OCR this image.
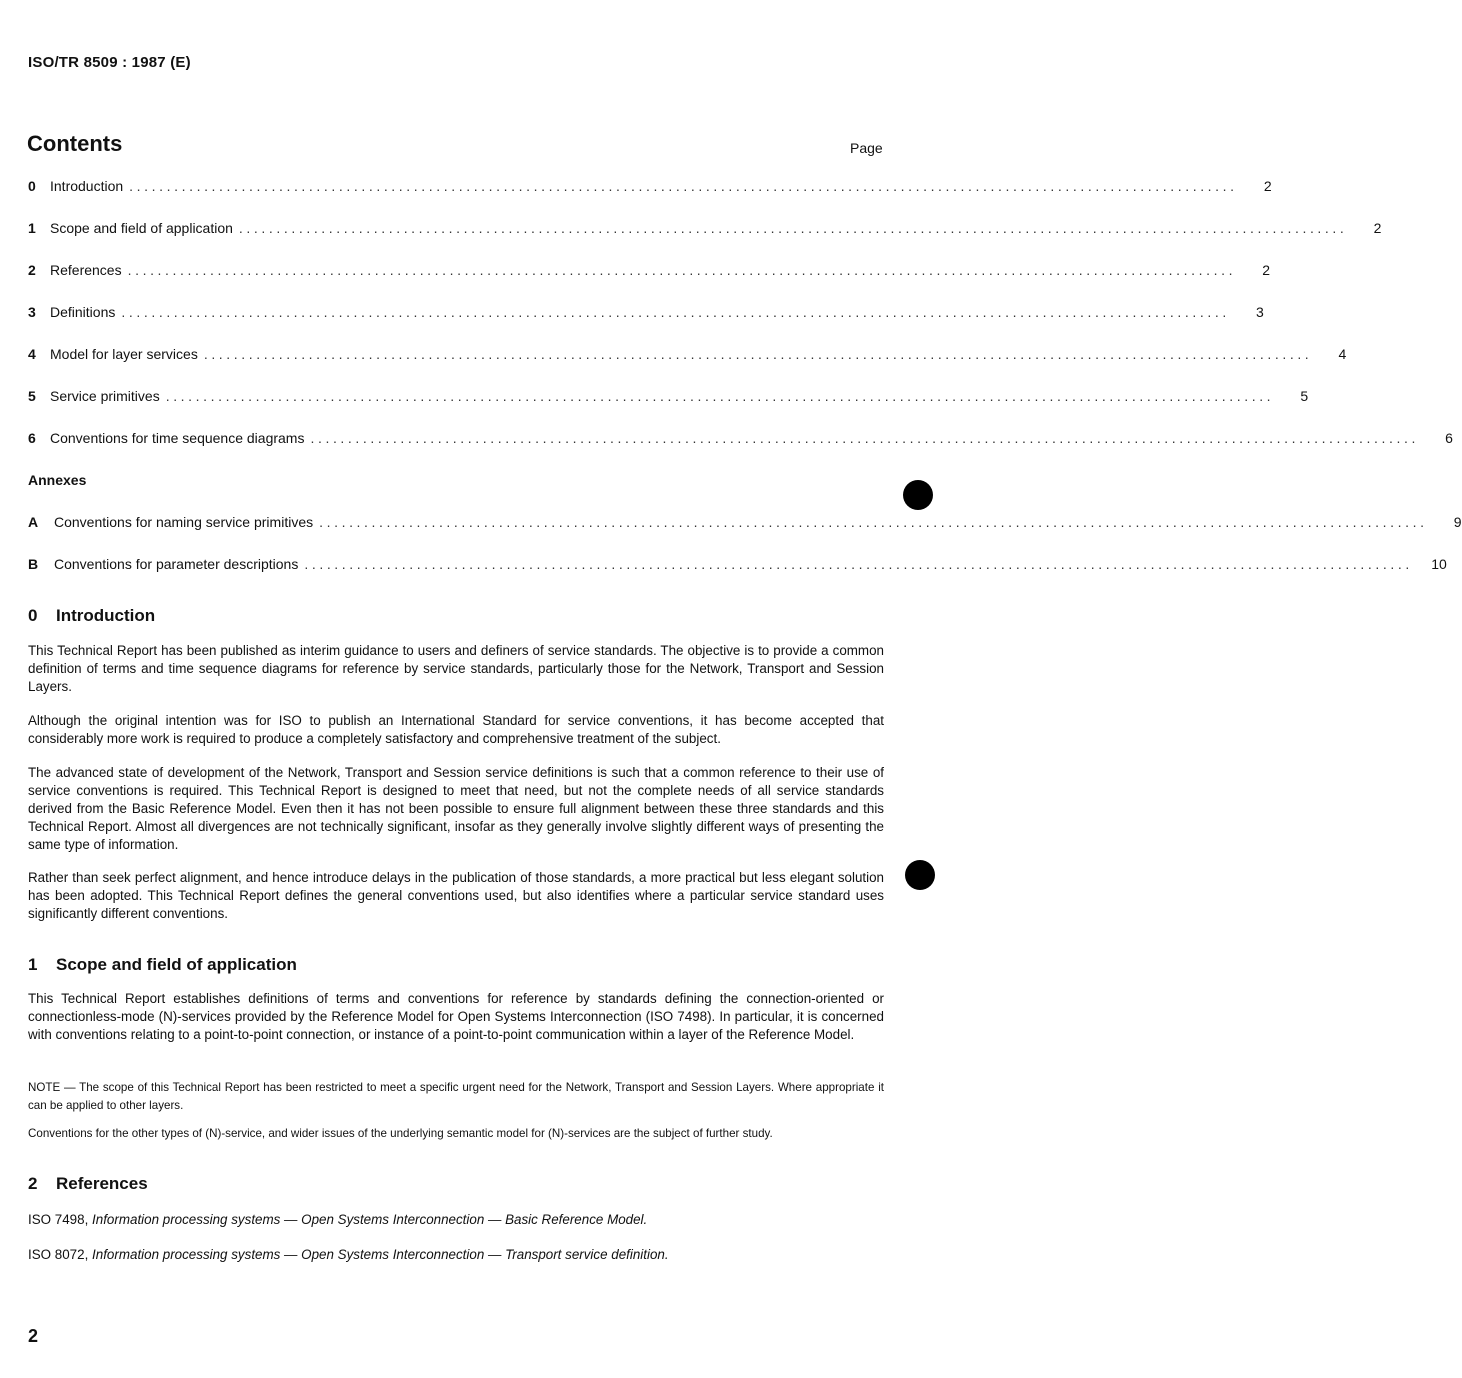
ISO/TR 8509 : 1987 (E)
Contents	Page
0	Introduction ....................................................................................................................................................	2
1	Scope and field of application ....................................................................................................................................................	2
2	References ....................................................................................................................................................	2
3	Definitions ....................................................................................................................................................	3
4	Model for layer services ....................................................................................................................................................	4
5	Service primitives ....................................................................................................................................................	5
6	Conventions for time sequence diagrams ....................................................................................................................................................	6
Annexes
A	Conventions for naming service primitives ....................................................................................................................................................	9
B	Conventions for parameter descriptions ....................................................................................................................................................	10
0 Introduction
This Technical Report has been published as interim guidance to users and definers of service standards. The objective is to provide a common definition of terms and time sequence diagrams for reference by service standards, particularly those for the Network, Transport and Session Layers.
Although the original intention was for ISO to publish an International Standard for service conventions, it has become accepted that considerably more work is required to produce a completely satisfactory and comprehensive treatment of the subject.
The advanced state of development of the Network, Transport and Session service definitions is such that a common reference to their use of service conventions is required. This Technical Report is designed to meet that need, but not the complete needs of all service standards derived from the Basic Reference Model. Even then it has not been possible to ensure full alignment between these three standards and this Technical Report. Almost all divergences are not technically significant, insofar as they generally involve slightly different ways of presenting the same type of information.
Rather than seek perfect alignment, and hence introduce delays in the publication of those standards, a more practical but less elegant solution has been adopted. This Technical Report defines the general conventions used, but also identifies where a particular service standard uses significantly different conventions.
1 Scope and field of application
This Technical Report establishes definitions of terms and conventions for reference by standards defining the connection-oriented or connectionless-mode (N)-services provided by the Reference Model for Open Systems Interconnection (ISO 7498). In particular, it is concerned with conventions relating to a point-to-point connection, or instance of a point-to-point communication within a layer of the Reference Model.
NOTE — The scope of this Technical Report has been restricted to meet a specific urgent need for the Network, Transport and Session Layers. Where appropriate it can be applied to other layers.
Conventions for the other types of (N)-service, and wider issues of the underlying semantic model for (N)-services are the subject of further study.
2 References
ISO 7498, Information processing systems — Open Systems Interconnection — Basic Reference Model.
ISO 8072, Information processing systems — Open Systems Interconnection — Transport service definition.
2
